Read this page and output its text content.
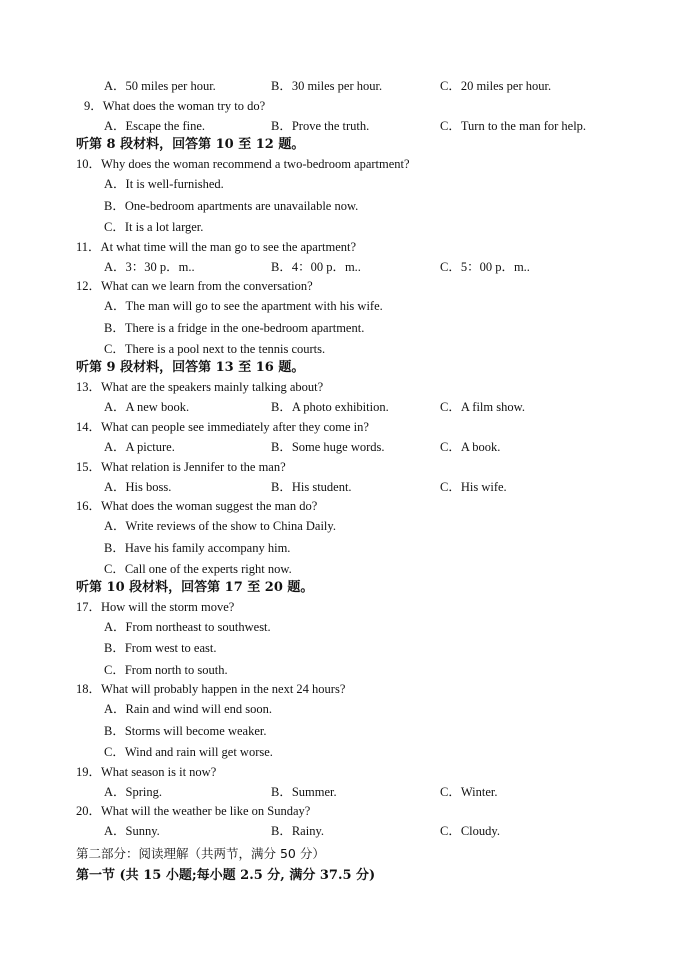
A．50 miles per hour.	B．30 miles per hour.	C．20 miles per hour.
9．What does the woman try to do?
A．Escape the fine.	B．Prove the truth.	C．Turn to the man for help.
听第 8 段材料，回答第 10 至 12 题。
10．Why does the woman recommend a two-bedroom apartment?
A．It is well-furnished.
B．One-bedroom apartments are unavailable now.
C．It is a lot larger.
11．At what time will the man go to see the apartment?
A．3：30 p．m..	B．4：00 p．m..	C．5：00 p．m..
12．What can we learn from the conversation?
A．The man will go to see the apartment with his wife.
B．There is a fridge in the one-bedroom apartment.
C．There is a pool next to the tennis courts.
听第 9 段材料，回答第 13 至 16 题。
13．What are the speakers mainly talking about?
A．A new book.	B．A photo exhibition.	C．A film show.
14．What can people see immediately after they come in?
A．A picture.	B．Some huge words.	C．A book.
15．What relation is Jennifer to the man?
A．His boss.	B．His student.	C．His wife.
16．What does the woman suggest the man do?
A．Write reviews of the show to China Daily.
B．Have his family accompany him.
C．Call one of the experts right now.
听第 10 段材料，回答第 17 至 20 题。
17．How will the storm move?
A．From northeast to southwest.
B．From west to east.
C．From north to south.
18．What will probably happen in the next 24 hours?
A．Rain and wind will end soon.
B．Storms will become weaker.
C．Wind and rain will get worse.
19．What season is it now?
A．Spring.	B．Summer.	C．Winter.
20．What will the weather be like on Sunday?
A．Sunny.	B．Rainy.	C．Cloudy.
第二部分：阅读理解（共两节，满分 50 分）
第一节 (共 15 小题;每小题 2.5 分, 满分 37.5 分)
